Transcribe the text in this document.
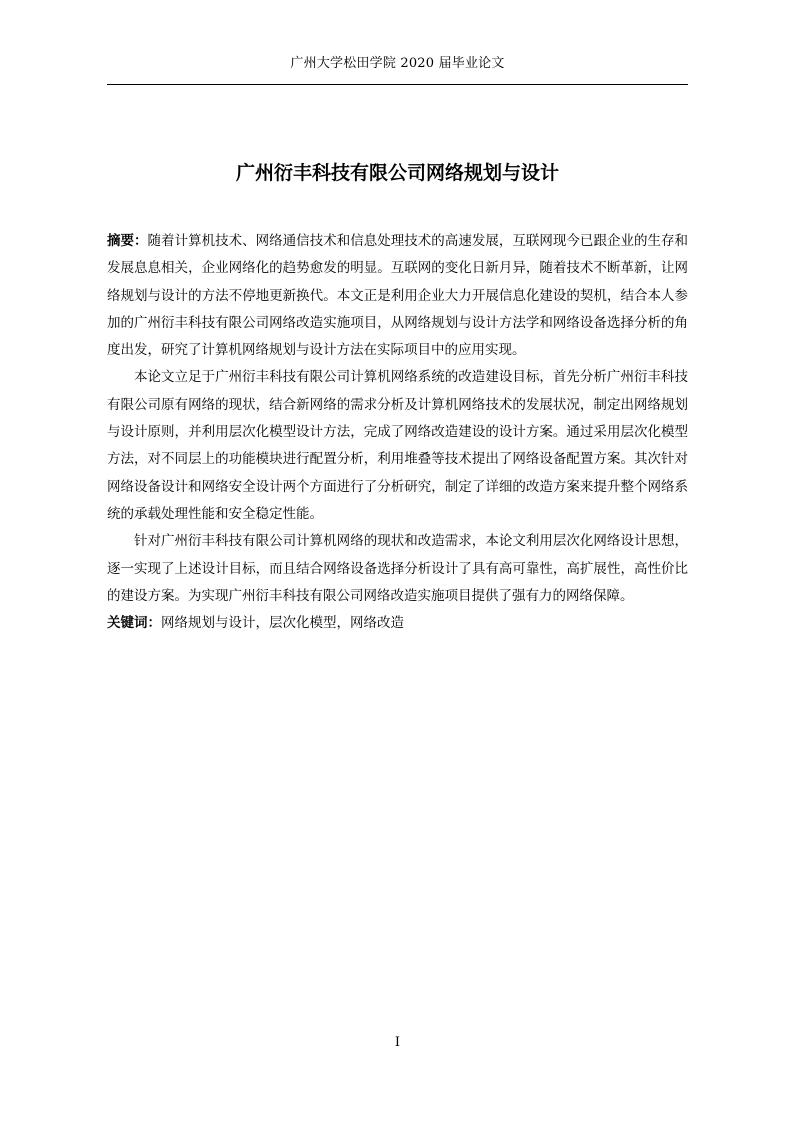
广州大学松田学院 2020 届毕业论文
广州衍丰科技有限公司网络规划与设计

摘要：随着计算机技术、网络通信技术和信息处理技术的高速发展，互联网现今已跟企业的生存和发展息息相关，企业网络化的趋势愈发的明显。互联网的变化日新月异，随着技术不断革新，让网络规划与设计的方法不停地更新换代。本文正是利用企业大力开展信息化建设的契机，结合本人参加的广州衍丰科技有限公司网络改造实施项目，从网络规划与设计方法学和网络设备选择分析的角度出发，研究了计算机网络规划与设计方法在实际项目中的应用实现。

本论文立足于广州衍丰科技有限公司计算机网络系统的改造建设目标，首先分析广州衍丰科技有限公司原有网络的现状，结合新网络的需求分析及计算机网络技术的发展状况，制定出网络规划与设计原则，并利用层次化模型设计方法，完成了网络改造建设的设计方案。通过采用层次化模型方法，对不同层上的功能模块进行配置分析，利用堆叠等技术提出了网络设备配置方案。其次针对网络设备设计和网络安全设计两个方面进行了分析研究，制定了详细的改造方案来提升整个网络系统的承载处理性能和安全稳定性能。

针对广州衍丰科技有限公司计算机网络的现状和改造需求，本论文利用层次化网络设计思想，逐一实现了上述设计目标，而且结合网络设备选择分析设计了具有高可靠性，高扩展性，高性价比的建设方案。为实现广州衍丰科技有限公司网络改造实施项目提供了强有力的网络保障。

关键词：网络规划与设计，层次化模型，网络改造

I
